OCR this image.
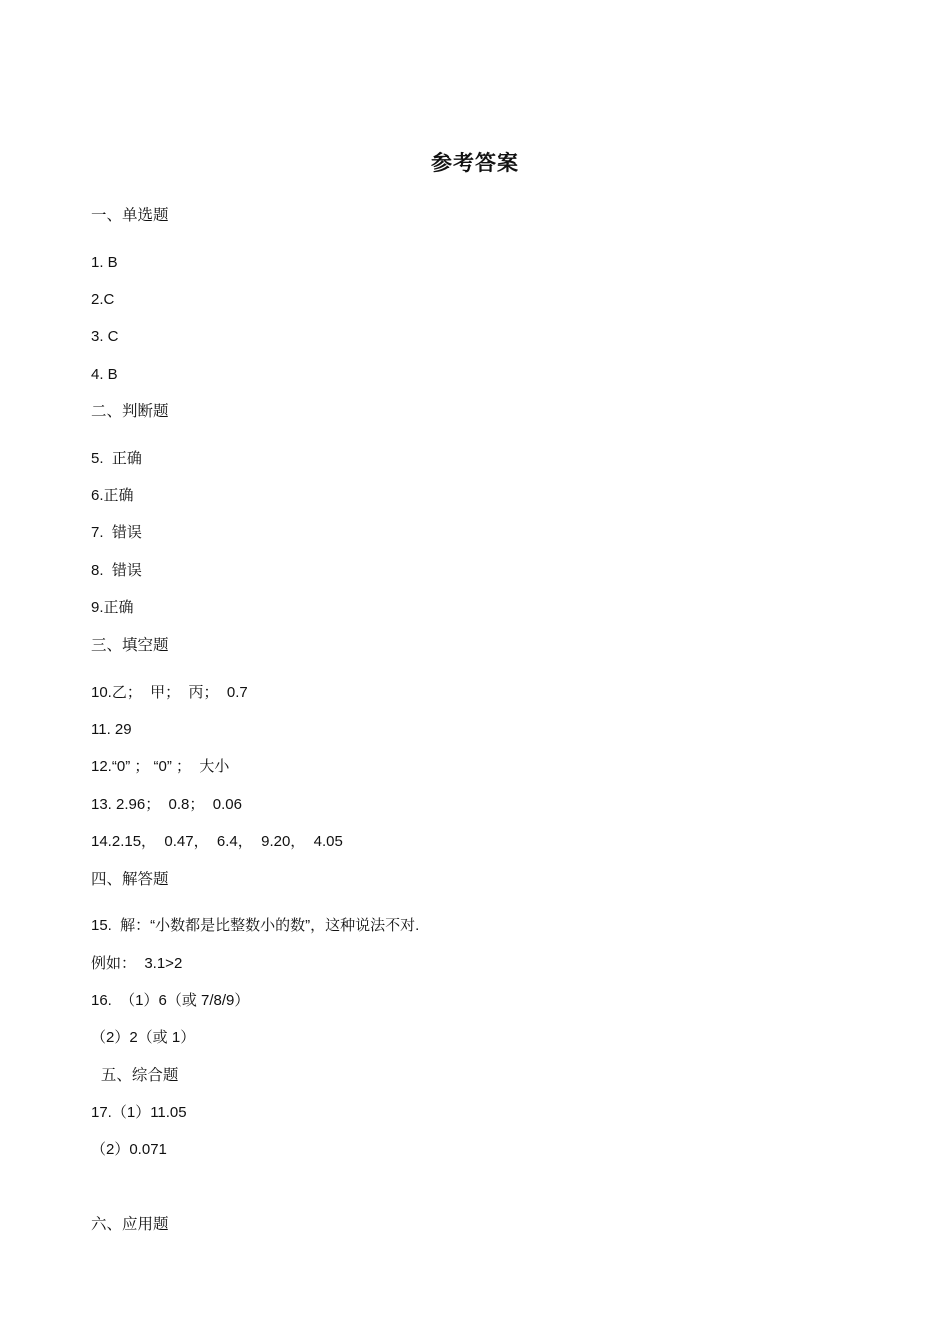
参考答案
一、单选题
1. B
2.C
3. C
4. B
二、判断题
5.  正确
6.正确
7.  错误
8.  错误
9.正确
三、填空题
10.乙；  甲；  丙；  0.7
11. 29
12.“0” ； “0” ；  大小
13. 2.96；  0.8；  0.06
14.2.15，  0.47，  6.4，  9.20，  4.05
四、解答题
15.  解：“小数都是比整数小的数”，这种说法不对.
例如：  3.1>2
16.  （1）6（或 7/8/9）
（2）2（或 1）
五、综合题
17.（1）11.05
（2）0.071
六、应用题
